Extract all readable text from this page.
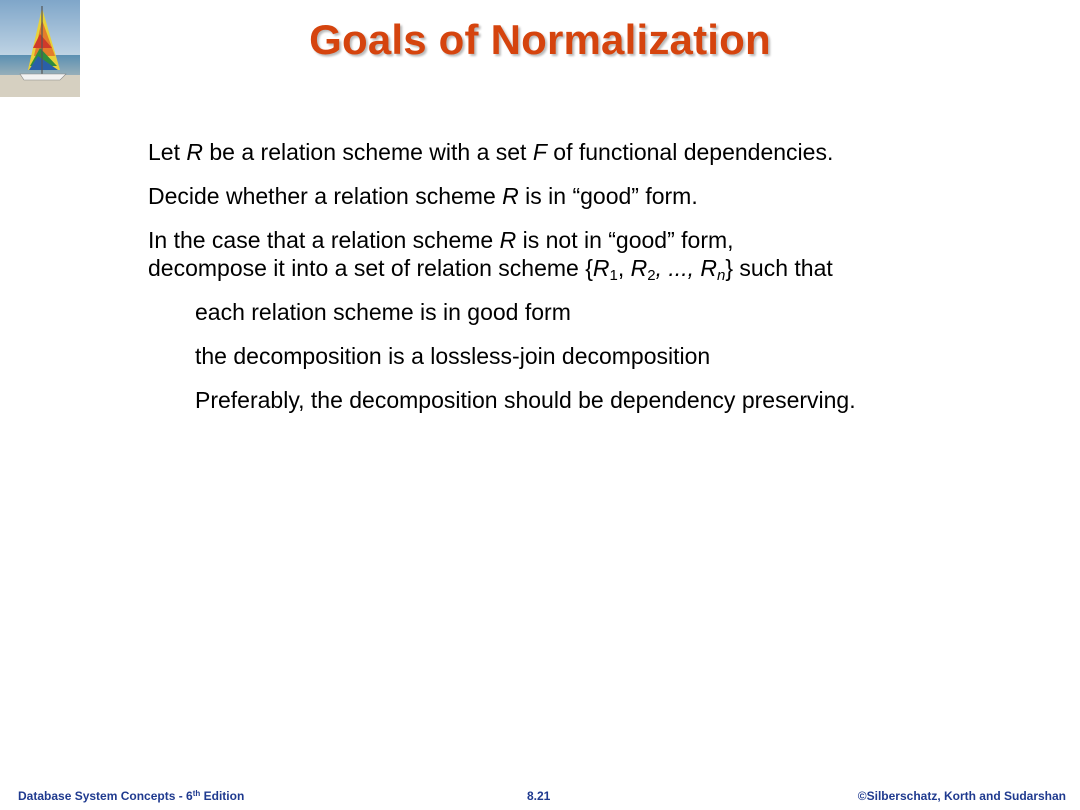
Goals of Normalization
Let R be a relation scheme with a set F of functional dependencies.
Decide whether a relation scheme R is in “good” form.
In the case that a relation scheme R is not in “good” form,
decompose it into a set of relation scheme {$R_1$, $R_2$, ..., $R_n$} such that
each relation scheme is in good form
the decomposition is a lossless-join decomposition
Preferably, the decomposition should be dependency preserving.
Database System Concepts - 6th Edition	8.21	©Silberschatz, Korth and Sudarshan
